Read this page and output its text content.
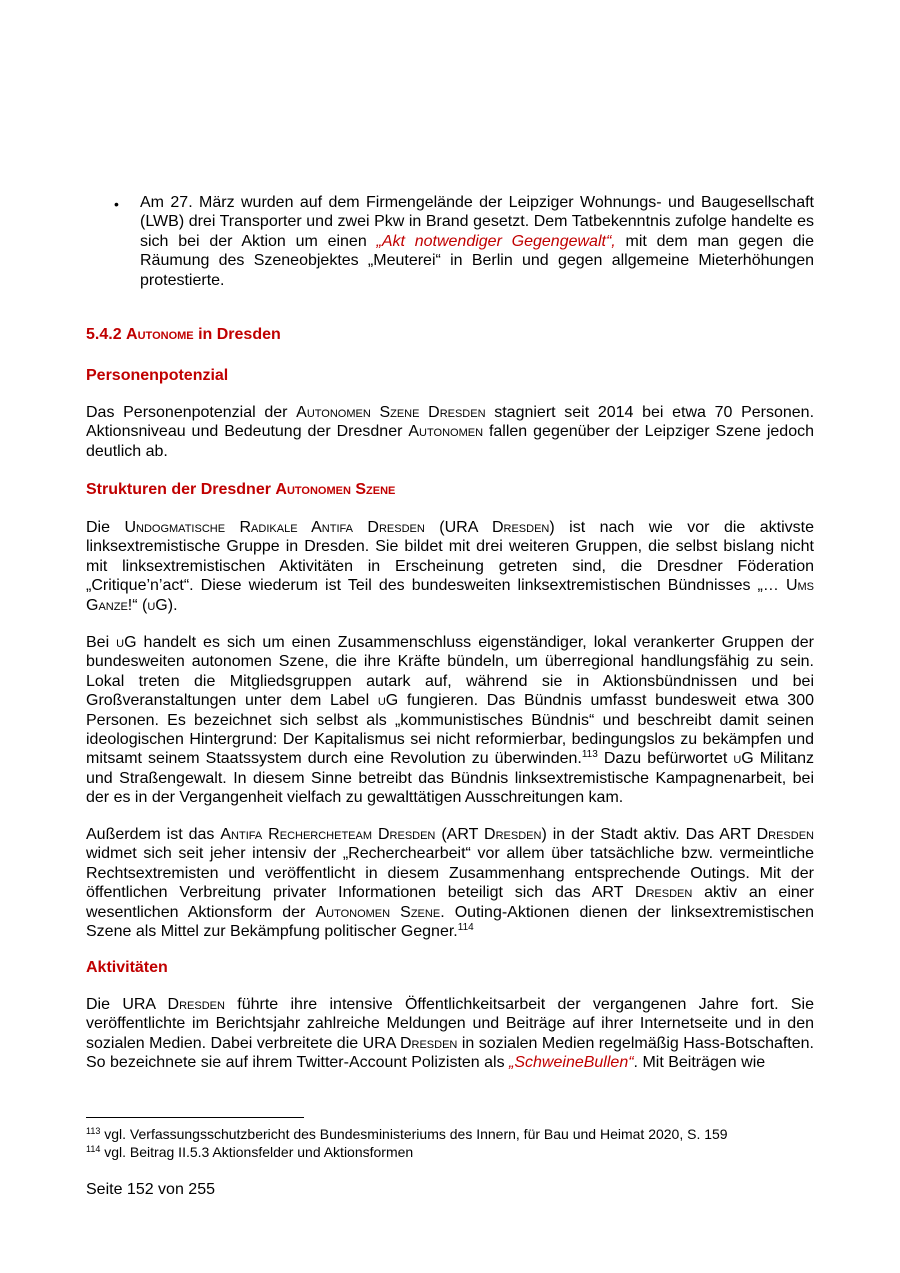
• Am 27. März wurden auf dem Firmengelände der Leipziger Wohnungs- und Baugesellschaft (LWB) drei Transporter und zwei Pkw in Brand gesetzt. Dem Tatbekenntnis zufolge handelte es sich bei der Aktion um einen „Akt notwendiger Gegengewalt“, mit dem man gegen die Räumung des Szeneobjektes „Meuterei“ in Berlin und gegen allgemeine Mieterhöhungen protestierte.

5.4.2 Autonome in Dresden
Personenpotenzial

Das Personenpotenzial der Autonomen Szene Dresden stagniert seit 2014 bei etwa 70 Personen. Aktionsniveau und Bedeutung der Dresdner Autonomen fallen gegenüber der Leipziger Szene jedoch deutlich ab.

Strukturen der Dresdner Autonomen Szene

Die Undogmatische Radikale Antifa Dresden (URA Dresden) ist nach wie vor die aktivste linksextremistische Gruppe in Dresden. Sie bildet mit drei weiteren Gruppen, die selbst bislang nicht mit linksextremistischen Aktivitäten in Erscheinung getreten sind, die Dresdner Föderation „Critique’n’act“. Diese wiederum ist Teil des bundesweiten linksextremistischen Bündnisses „… Ums Ganze!“ (uG).

Bei uG handelt es sich um einen Zusammenschluss eigenständiger, lokal verankerter Gruppen der bundesweiten autonomen Szene, die ihre Kräfte bündeln, um überregional handlungsfähig zu sein. Lokal treten die Mitgliedsgruppen autark auf, während sie in Aktionsbündnissen und bei Großveranstaltungen unter dem Label uG fungieren. Das Bündnis umfasst bundesweit etwa 300 Personen. Es bezeichnet sich selbst als „kommunistisches Bündnis“ und beschreibt damit seinen ideologischen Hintergrund: Der Kapitalismus sei nicht reformierbar, bedingungslos zu bekämpfen und mitsamt seinem Staatssystem durch eine Revolution zu überwinden.$^{113}$ Dazu befürwortet uG Militanz und Straßengewalt. In diesem Sinne betreibt das Bündnis linksextremistische Kampagnenarbeit, bei der es in der Vergangenheit vielfach zu gewalttätigen Ausschreitungen kam.

Außerdem ist das Antifa Rechercheteam Dresden (ART Dresden) in der Stadt aktiv. Das ART Dresden widmet sich seit jeher intensiv der „Recherchearbeit“ vor allem über tatsächliche bzw. vermeintliche Rechtsextremisten und veröffentlicht in diesem Zusammenhang entsprechende Outings. Mit der öffentlichen Verbreitung privater Informationen beteiligt sich das ART Dresden aktiv an einer wesentlichen Aktionsform der Autonomen Szene. Outing-Aktionen dienen der linksextremistischen Szene als Mittel zur Bekämpfung politischer Gegner.$^{114}$

Aktivitäten

Die URA Dresden führte ihre intensive Öffentlichkeitsarbeit der vergangenen Jahre fort. Sie veröffentlichte im Berichtsjahr zahlreiche Meldungen und Beiträge auf ihrer Internetseite und in den sozialen Medien. Dabei verbreitete die URA Dresden in sozialen Medien regelmäßig Hass-Botschaften. So bezeichnete sie auf ihrem Twitter-Account Polizisten als „SchweineBullen“. Mit Beiträgen wie

$^{113}$ vgl. Verfassungsschutzbericht des Bundesministeriums des Innern, für Bau und Heimat 2020, S. 159
$^{114}$ vgl. Beitrag II.5.3 Aktionsfelder und Aktionsformen
Seite 152 von 255
